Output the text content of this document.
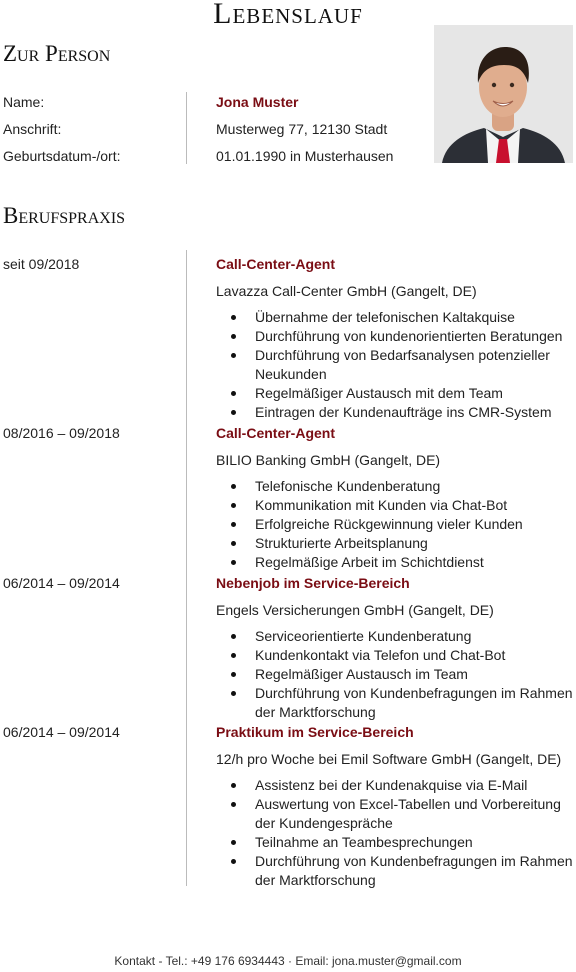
Lebenslauf
Zur Person
Name:	Jona Muster
Anschrift:	Musterweg 77, 12130 Stadt
Geburtsdatum-/ort:	01.01.1990 in Musterhausen
Berufspraxis
seit 09/2018	Call-Center-Agent
Lavazza Call-Center GmbH (Gangelt, DE)
Übernahme der telefonischen Kaltakquise
Durchführung von kundenorientierten Beratungen
Durchführung von Bedarfsanalysen potenzieller Neukunden
Regelmäßiger Austausch mit dem Team
Eintragen der Kundenaufträge ins CMR-System
08/2016 – 09/2018	Call-Center-Agent
BILIO Banking GmbH (Gangelt, DE)
Telefonische Kundenberatung
Kommunikation mit Kunden via Chat-Bot
Erfolgreiche Rückgewinnung vieler Kunden
Strukturierte Arbeitsplanung
Regelmäßige Arbeit im Schichtdienst
06/2014 – 09/2014	Nebenjob im Service-Bereich
Engels Versicherungen GmbH (Gangelt, DE)
Serviceorientierte Kundenberatung
Kundenkontakt via Telefon und Chat-Bot
Regelmäßiger Austausch im Team
Durchführung von Kundenbefragungen im Rahmen der Marktforschung
06/2014 – 09/2014	Praktikum im Service-Bereich
12/h pro Woche bei Emil Software GmbH (Gangelt, DE)
Assistenz bei der Kundenakquise via E-Mail
Auswertung von Excel-Tabellen und Vorbereitung der Kundengespräche
Teilnahme an Teambesprechungen
Durchführung von Kundenbefragungen im Rahmen der Marktforschung
Kontakt - Tel.: +49 176 6934443 · Email: jona.muster@gmail.com
